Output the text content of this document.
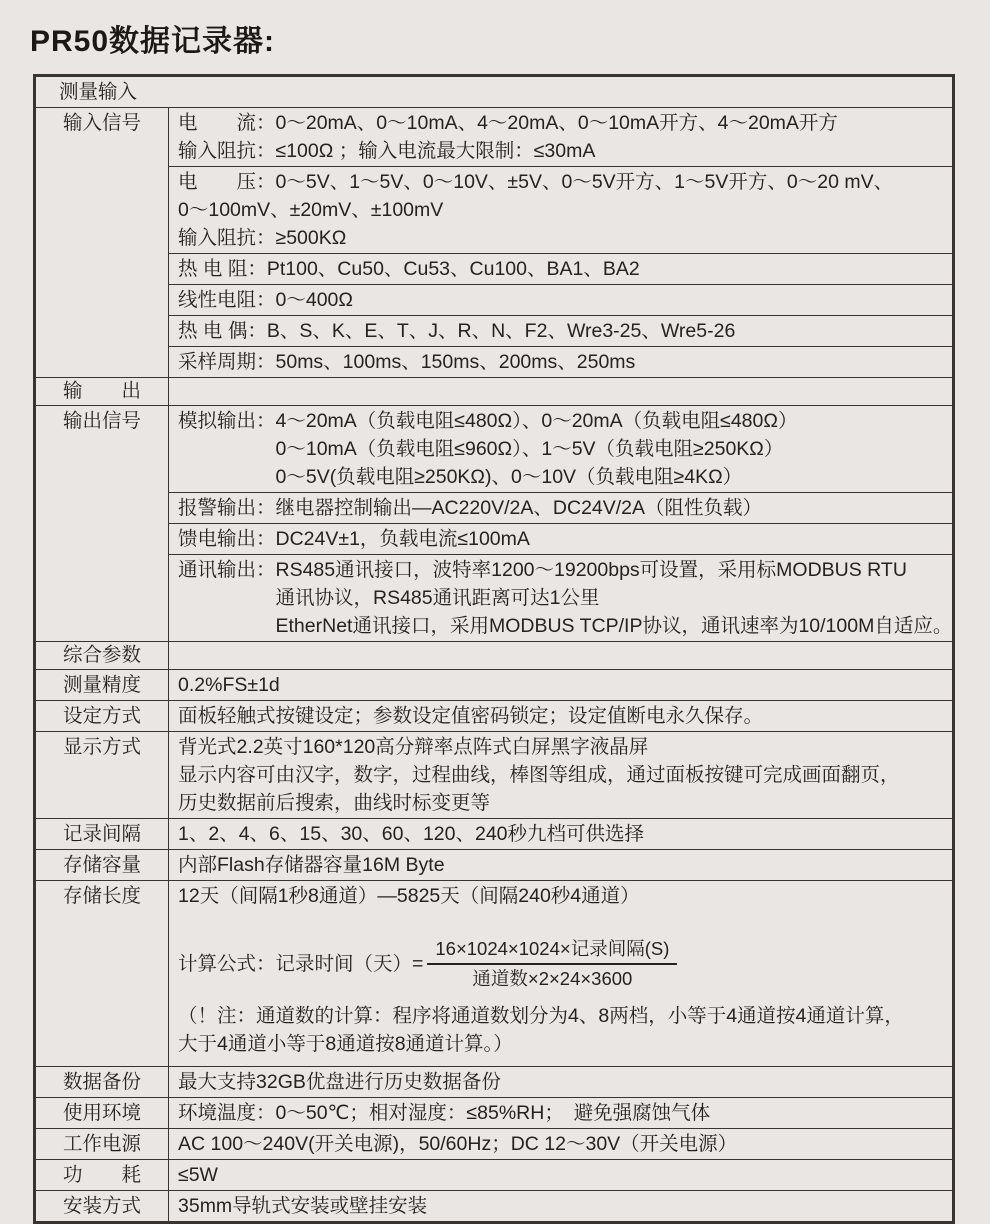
PR50数据记录器:
测量输入
输入信号	电　　流：0～20mA、0～10mA、4～20mA、0～10mA开方、4～20mA开方
输入阻抗：≤100Ω ；输入电流最大限制：≤30mA
电　　压：0～5V、1～5V、0～10V、±5V、0～5V开方、1～5V开方、0～20 mV、
0～100mV、±20mV、±100mV
输入阻抗：≥500KΩ
热 电 阻：Pt100、Cu50、Cu53、Cu100、BA1、BA2
线性电阻：0～400Ω
热 电 偶：B、S、K、E、T、J、R、N、F2、Wre3-25、Wre5-26
采样周期：50ms、100ms、150ms、200ms、250ms
输　　出
输出信号	模拟输出：4～20mA（负载电阻≤480Ω）、0～20mA（负载电阻≤480Ω）
　　　　　0～10mA（负载电阻≤960Ω）、1～5V（负载电阻≥250KΩ）
　　　　　0～5V(负载电阻≥250KΩ)、0～10V（负载电阻≥4KΩ）
报警输出：继电器控制输出—AC220V/2A、DC24V/2A（阻性负载）
馈电输出：DC24V±1，负载电流≤100mA
通讯输出：RS485通讯接口，波特率1200～19200bps可设置，采用标MODBUS RTU
　　　　　通讯协议，RS485通讯距离可达1公里
　　　　　EtherNet通讯接口，采用MODBUS TCP/IP协议，通讯速率为10/100M自适应。
综合参数
测量精度	0.2%FS±1d
设定方式	面板轻触式按键设定；参数设定值密码锁定；设定值断电永久保存。
显示方式	背光式2.2英寸160*120高分辩率点阵式白屏黑字液晶屏
显示内容可由汉字，数字，过程曲线，棒图等组成，通过面板按键可完成画面翻页，
历史数据前后搜索，曲线时标变更等
记录间隔	1、2、4、6、15、30、60、120、240秒九档可供选择
存储容量	内部Flash存储器容量16M Byte
存储长度	12天（间隔1秒8通道）—5825天（间隔240秒4通道）
计算公式：记录时间（天）= $\frac{\text{16×1024×1024×记录间隔(S)}}{\text{通道数×2×24×3600}}$
（！注：通道数的计算：程序将通道数划分为4、8两档，小等于4通道按4通道计算，
大于4通道小等于8通道按8通道计算。）
数据备份	最大支持32GB优盘进行历史数据备份
使用环境	环境温度：0～50℃；相对湿度：≤85%RH；　避免强腐蚀气体
工作电源	AC 100～240V(开关电源)，50/60Hz；DC 12～30V（开关电源）
功　　耗	≤5W
安装方式	35mm导轨式安装或壁挂安装
